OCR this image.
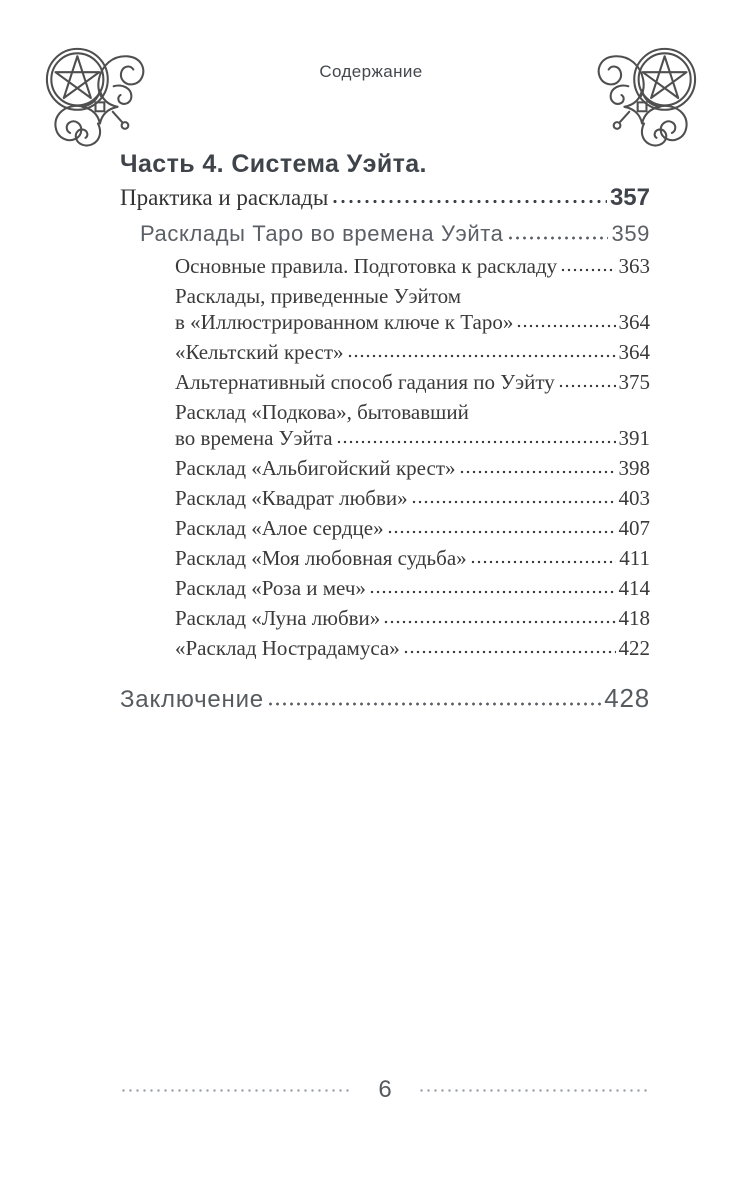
Содержание
Часть 4. Система Уэйта.
Практика и расклады	357
Расклады Таро во времена Уэйта	359
Основные правила. Подготовка к раскладу	363
Расклады, приведенные Уэйтом
в «Иллюстрированном ключе к Таро»	364
«Кельтский крест»	364
Альтернативный способ гадания по Уэйту	375
Расклад «Подкова», бытовавший
во времена Уэйта	391
Расклад «Альбигойский крест»	398
Расклад «Квадрат любви»	403
Расклад «Алое сердце»	407
Расклад «Моя любовная судьба»	411
Расклад «Роза и меч»	414
Расклад «Луна любви»	418
«Расклад Нострадамуса»	422
Заключение	428
6
